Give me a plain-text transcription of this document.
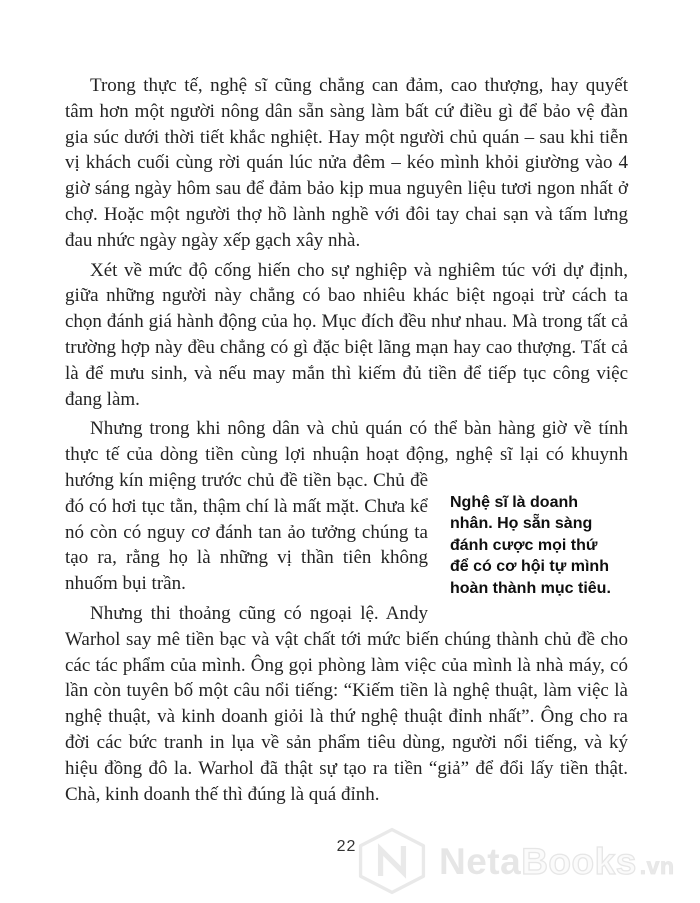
Trong thực tế, nghệ sĩ cũng chẳng can đảm, cao thượng, hay quyết tâm hơn một người nông dân sẵn sàng làm bất cứ điều gì để bảo vệ đàn gia súc dưới thời tiết khắc nghiệt. Hay một người chủ quán – sau khi tiễn vị khách cuối cùng rời quán lúc nửa đêm – kéo mình khỏi giường vào 4 giờ sáng ngày hôm sau để đảm bảo kịp mua nguyên liệu tươi ngon nhất ở chợ. Hoặc một người thợ hồ lành nghề với đôi tay chai sạn và tấm lưng đau nhức ngày ngày xếp gạch xây nhà.

Xét về mức độ cống hiến cho sự nghiệp và nghiêm túc với dự định, giữa những người này chẳng có bao nhiêu khác biệt ngoại trừ cách ta chọn đánh giá hành động của họ. Mục đích đều như nhau. Mà trong tất cả trường hợp này đều chẳng có gì đặc biệt lãng mạn hay cao thượng. Tất cả là để mưu sinh, và nếu may mắn thì kiếm đủ tiền để tiếp tục công việc đang làm.

Nhưng trong khi nông dân và chủ quán có thể bàn hàng giờ về tính thực tế của dòng tiền cùng lợi nhuận hoạt động, nghệ sĩ lại có khuynh
Nghệ sĩ là doanh
nhân. Họ sẵn sàng
đánh cược mọi thứ
để có cơ hội tự mình
hoàn thành mục tiêu.
hướng kín miệng trước chủ đề tiền bạc. Chủ đề đó có hơi tục tằn, thậm chí là mất mặt. Chưa kể nó còn có nguy cơ đánh tan ảo tưởng chúng ta tạo ra, rằng họ là những vị thần tiên không nhuốm bụi trần.

Nhưng thi thoảng cũng có ngoại lệ. Andy Warhol say mê tiền bạc và vật chất tới mức biến chúng thành chủ đề cho các tác phẩm của mình. Ông gọi phòng làm việc của mình là nhà máy, có lần còn tuyên bố một câu nổi tiếng: “Kiếm tiền là nghệ thuật, làm việc là nghệ thuật, và kinh doanh giỏi là thứ nghệ thuật đỉnh nhất”. Ông cho ra đời các bức tranh in lụa về sản phẩm tiêu dùng, người nổi tiếng, và ký hiệu đồng đô la. Warhol đã thật sự tạo ra tiền “giả” để đổi lấy tiền thật. Chà, kinh doanh thế thì đúng là quá đỉnh.

22	NetaBooks .vn
